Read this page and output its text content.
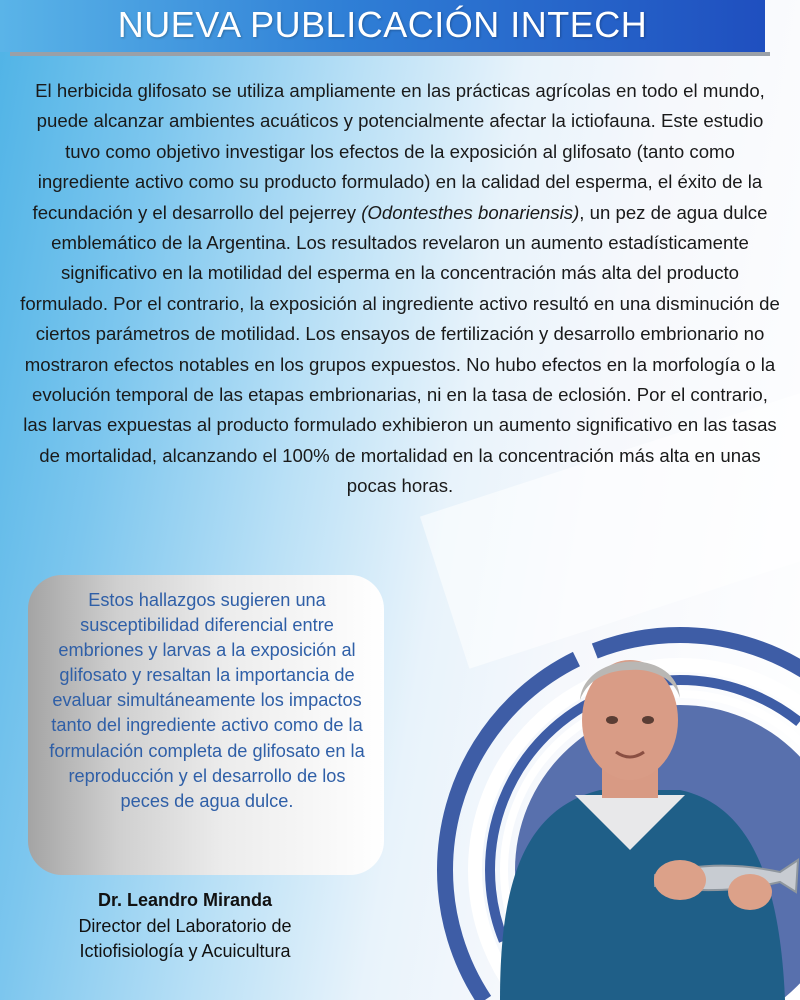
NUEVA PUBLICACIÓN INTECH
El herbicida glifosato se utiliza ampliamente en las prácticas agrícolas en todo el mundo, puede alcanzar ambientes acuáticos y potencialmente afectar la ictiofauna. Este estudio tuvo como objetivo investigar los efectos de la exposición al glifosato (tanto como ingrediente activo como su producto formulado) en la calidad del esperma, el éxito de la fecundación y el desarrollo del pejerrey (Odontesthes bonariensis), un pez de agua dulce emblemático de la Argentina. Los resultados revelaron un aumento estadísticamente significativo en la motilidad del esperma en la concentración más alta del producto formulado. Por el contrario, la exposición al ingrediente activo resultó en una disminución de ciertos parámetros de motilidad. Los ensayos de fertilización y desarrollo embrionario no mostraron efectos notables en los grupos expuestos. No hubo efectos en la morfología o la evolución temporal de las etapas embrionarias, ni en la tasa de eclosión. Por el contrario, las larvas expuestas al producto formulado exhibieron un aumento significativo en las tasas de mortalidad, alcanzando el 100% de mortalidad en la concentración más alta en unas pocas horas.
Estos hallazgos sugieren una susceptibilidad diferencial entre embriones y larvas a la exposición al glifosato y resaltan la importancia de evaluar simultáneamente los impactos tanto del ingrediente activo como de la formulación completa de glifosato en la reproducción y el desarrollo de los peces de agua dulce.
Dr. Leandro Miranda
Director del Laboratorio de
Ictiofisiología y Acuicultura
